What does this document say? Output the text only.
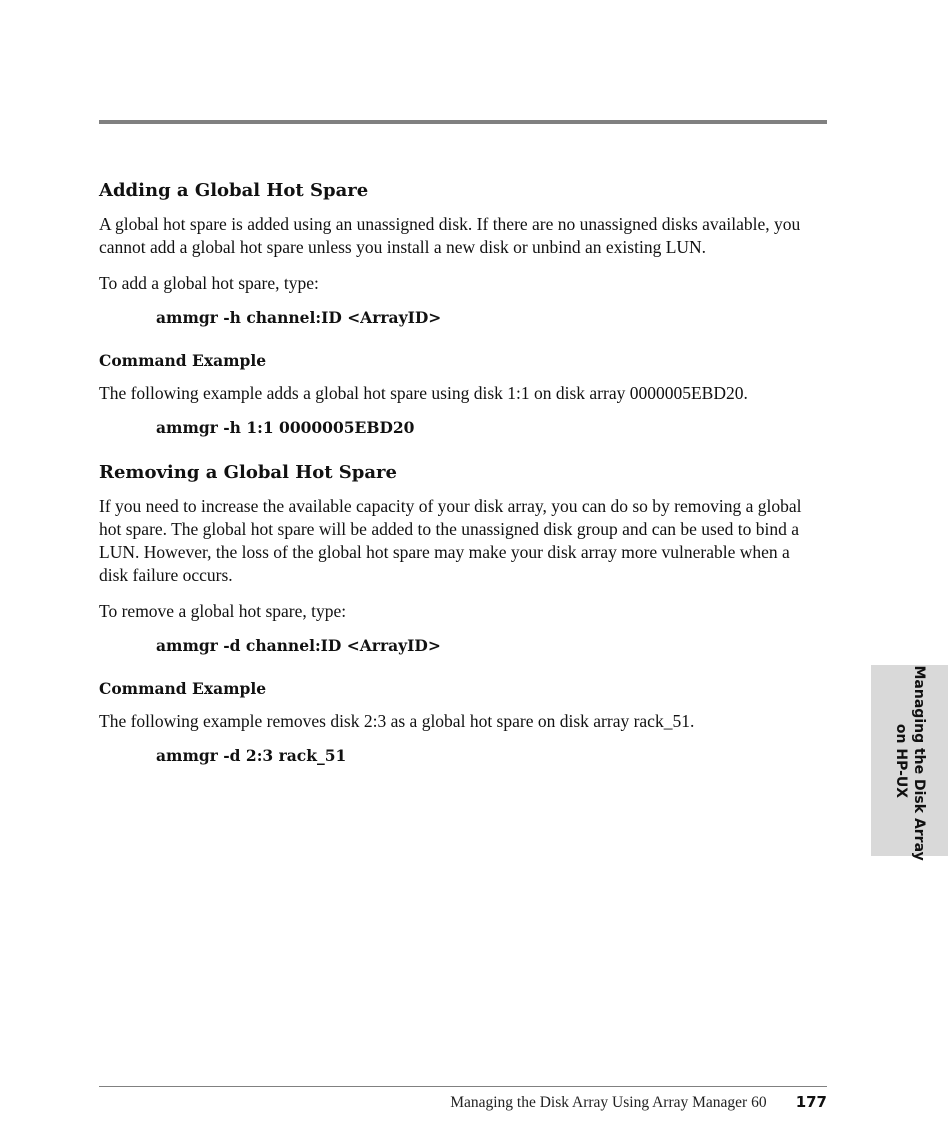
Adding a Global Hot Spare

A global hot spare is added using an unassigned disk. If there are no unassigned disks available, you cannot add a global hot spare unless you install a new disk or unbind an existing LUN.

To add a global hot spare, type:

ammgr -h channel:ID <ArrayID>

Command Example

The following example adds a global hot spare using disk 1:1 on disk array 0000005EBD20.

ammgr -h 1:1 0000005EBD20

Removing a Global Hot Spare

If you need to increase the available capacity of your disk array, you can do so by removing a global hot spare. The global hot spare will be added to the unassigned disk group and can be used to bind a LUN. However, the loss of the global hot spare may make your disk array more vulnerable when a disk failure occurs.

To remove a global hot spare, type:

ammgr -d channel:ID <ArrayID>

Command Example

The following example removes disk 2:3 as a global hot spare on disk array rack_51.

ammgr -d 2:3 rack_51	Managing the Disk Array
on HP-UX
Managing the Disk Array Using Array Manager 60 177
